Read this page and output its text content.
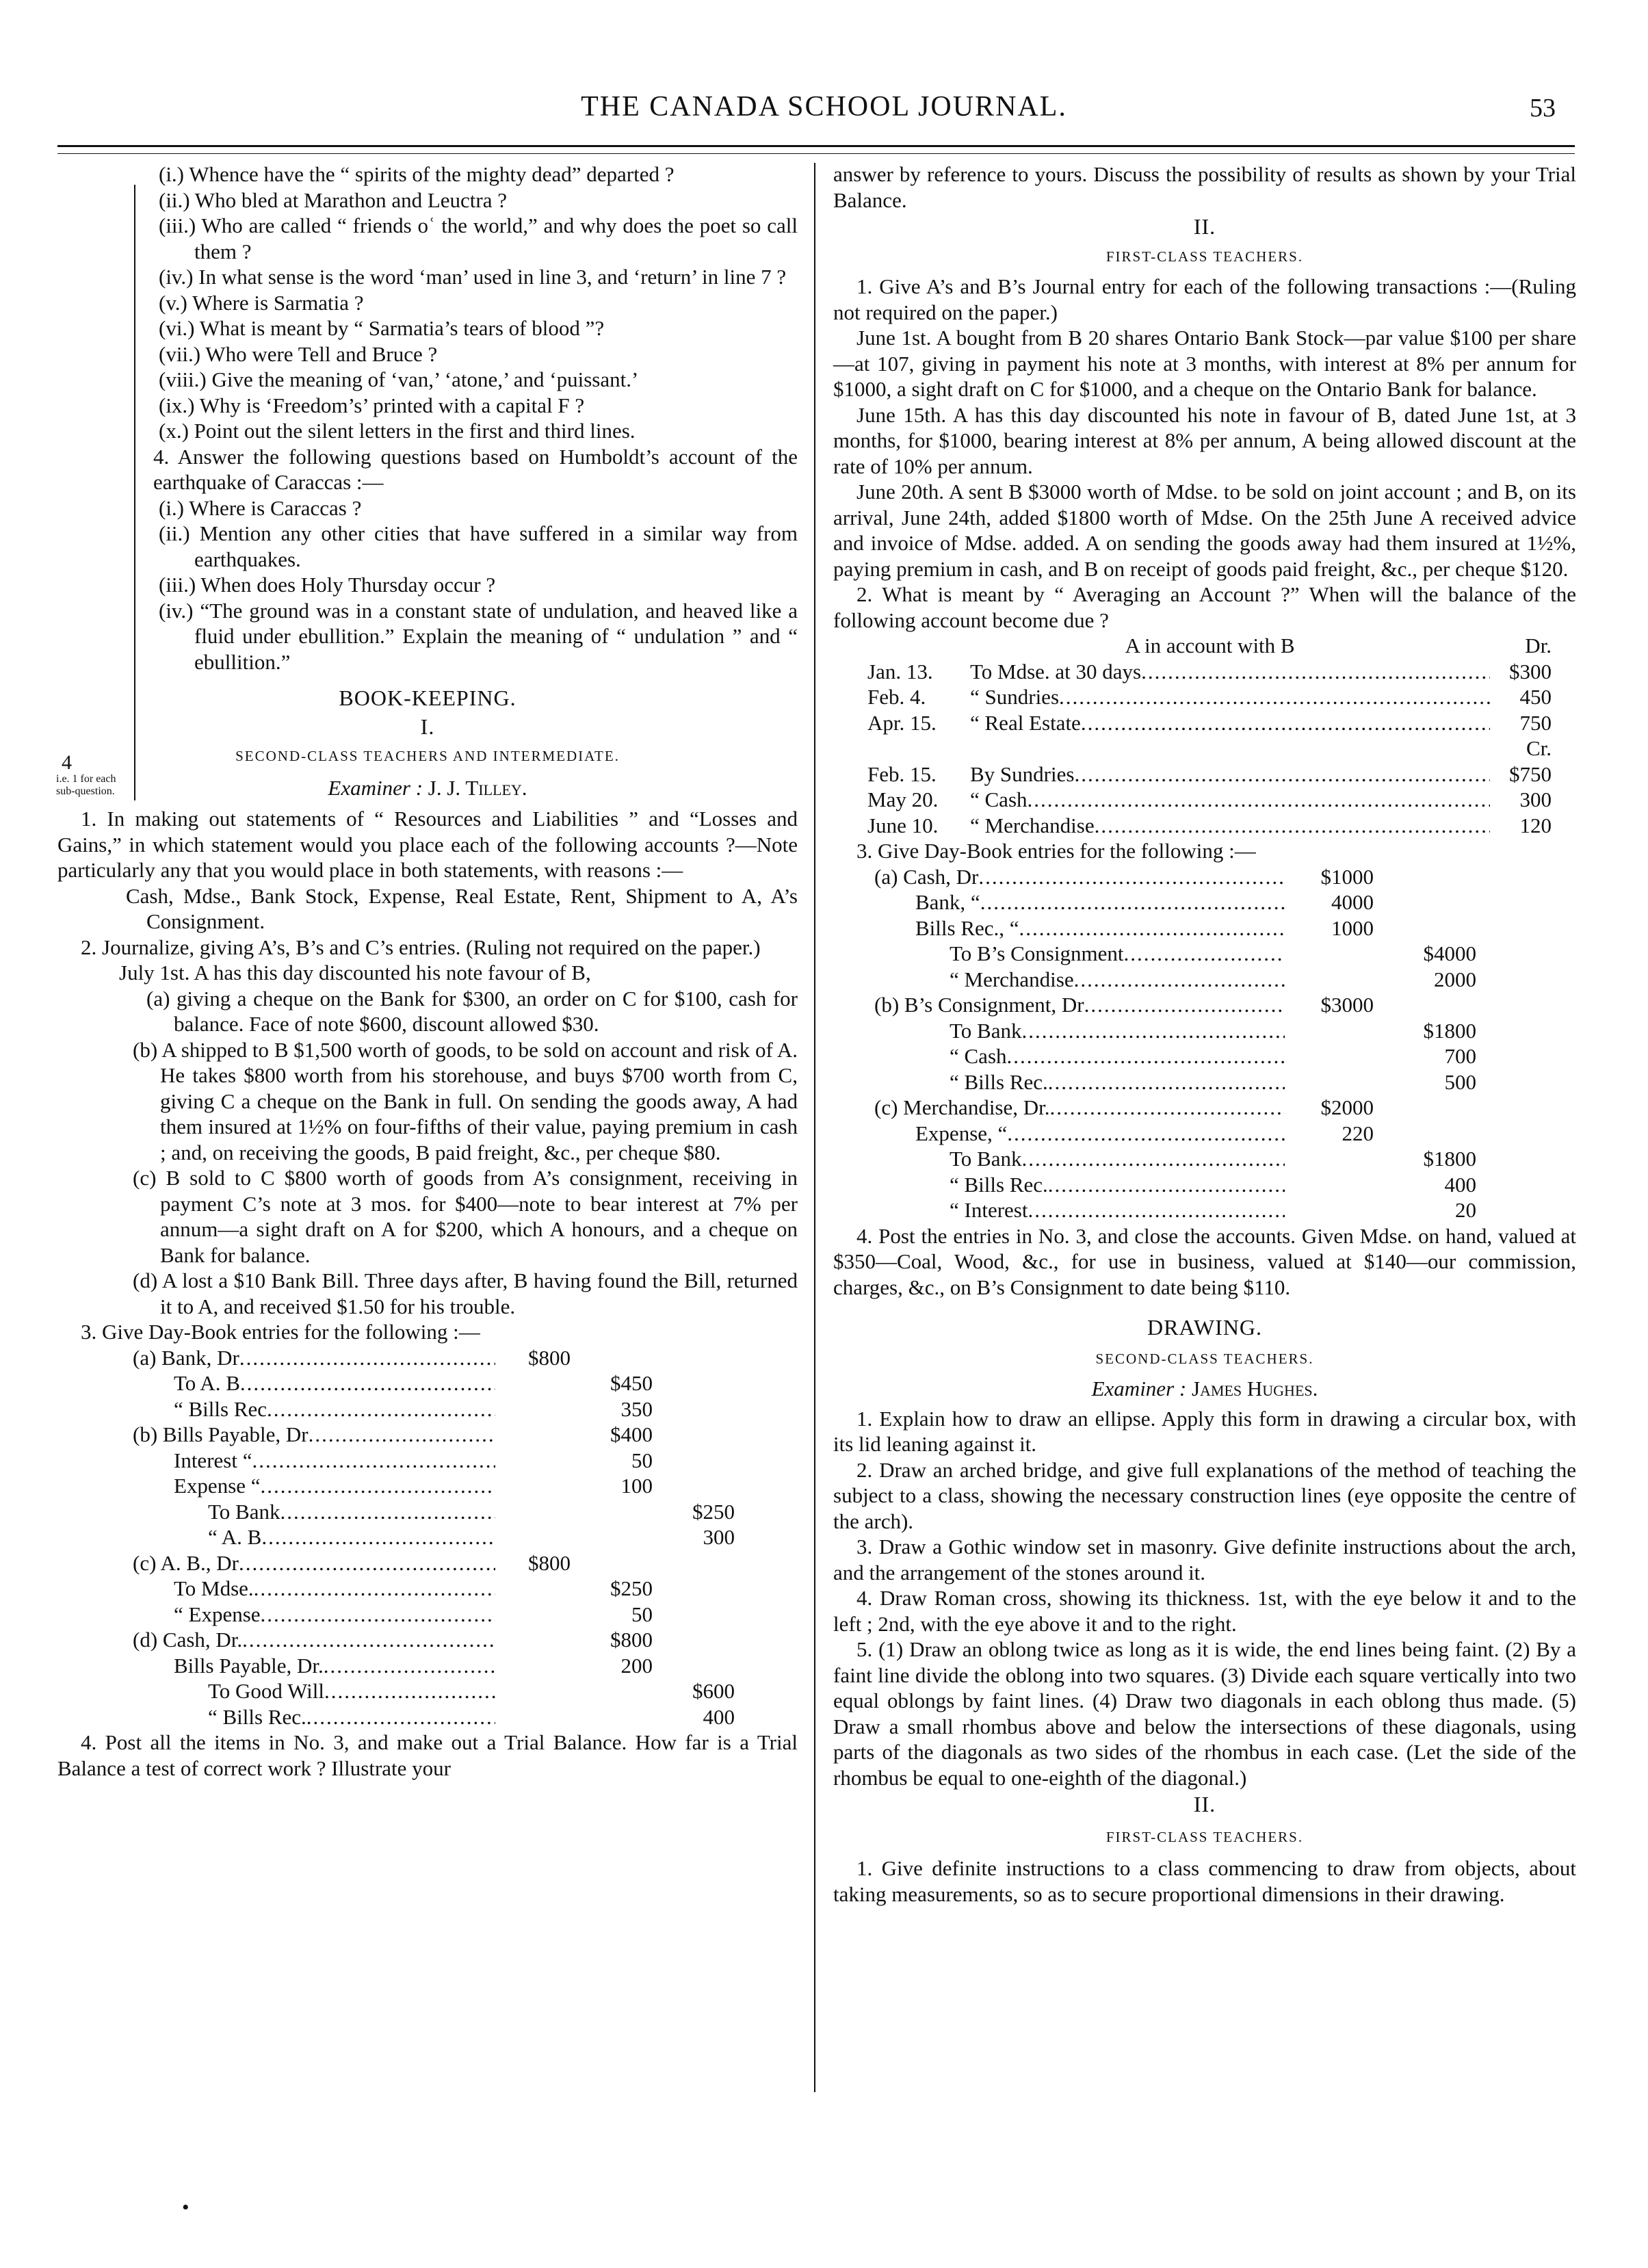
THE CANADA SCHOOL JOURNAL.	53
4
i.e. 1 for each sub-question.

(i.) Whence have the “ spirits of the mighty dead” departed ?

(ii.) Who bled at Marathon and Leuctra ?

(iii.) Who are called “ friends oʿ the world,” and why does the poet so call them ?

(iv.) In what sense is the word ‘man’ used in line 3, and ‘return’ in line 7 ?

(v.) Where is Sarmatia ?

(vi.) What is meant by “ Sarmatia’s tears of blood ”?

(vii.) Who were Tell and Bruce ?

(viii.) Give the meaning of ‘van,’ ‘atone,’ and ‘puissant.’

(ix.) Why is ‘Freedom’s’ printed with a capital F ?

(x.) Point out the silent letters in the first and third lines.

4. Answer the following questions based on Humboldt’s account of the earthquake of Caraccas :—

(i.) Where is Caraccas ?

(ii.) Mention any other cities that have suffered in a similar way from earthquakes.

(iii.) When does Holy Thursday occur ?

(iv.) “The ground was in a constant state of undulation, and heaved like a fluid under ebullition.” Explain the meaning of “ undulation ” and “ ebullition.”

BOOK-KEEPING.

I.

SECOND-CLASS TEACHERS AND INTERMEDIATE.

Examiner : J. J. Tilley.

1. In making out statements of “ Resources and Liabilities ” and “Losses and Gains,” in which statement would you place each of the following accounts ?—Note particularly any that you would place in both statements, with reasons :—

Cash, Mdse., Bank Stock, Expense, Real Estate, Rent, Shipment to A, A’s Consignment.

2. Journalize, giving A’s, B’s and C’s entries. (Ruling not required on the paper.)

July 1st. A has this day discounted his note favour of B,

(a) giving a cheque on the Bank for $300, an order on C for $100, cash for balance. Face of note $600, discount allowed $30.

(b) A shipped to B $1,500 worth of goods, to be sold on account and risk of A. He takes $800 worth from his storehouse, and buys $700 worth from C, giving C a cheque on the Bank in full. On sending the goods away, A had them insured at 1½% on four-fifths of their value, paying premium in cash ; and, on receiving the goods, B paid freight, &c., per cheque $80.

(c) B sold to C $800 worth of goods from A’s consignment, receiving in payment C’s note at 3 mos. for $400—note to bear interest at 7% per annum—a sight draft on A for $200, which A honours, and a cheque on Bank for balance.

(d) A lost a $10 Bank Bill. Three days after, B having found the Bill, returned it to A, and received $1.50 for his trouble.

3. Give Day-Book entries for the following :—

(a) Bank, Dr .....	$800
To A. B .....	$450
“ Bills Rec .....	350
(b) Bills Payable, Dr .....	$400
Interest “ .....	50
Expense “ .....	100
To Bank .....	$250
“ A. B .....	300
(c) A. B., Dr .....	$800
To Mdse. .....	$250
“ Expense .....	50
(d) Cash, Dr. .....	$800
Bills Payable, Dr. .....	200
To Good Will .....	$600
“ Bills Rec. .....	400

4. Post all the items in No. 3, and make out a Trial Balance. How far is a Trial Balance a test of correct work ? Illustrate your

answer by reference to yours. Discuss the possibility of results as shown by your Trial Balance.

II.

FIRST-CLASS TEACHERS.

1. Give A’s and B’s Journal entry for each of the following transactions :—(Ruling not required on the paper.)

June 1st. A bought from B 20 shares Ontario Bank Stock—par value $100 per share—at 107, giving in payment his note at 3 months, with interest at 8% per annum for $1000, a sight draft on C for $1000, and a cheque on the Ontario Bank for balance.

June 15th. A has this day discounted his note in favour of B, dated June 1st, at 3 months, for $1000, bearing interest at 8% per annum, A being allowed discount at the rate of 10% per annum.

June 20th. A sent B $3000 worth of Mdse. to be sold on joint account ; and B, on its arrival, June 24th, added $1800 worth of Mdse. On the 25th June A received advice and invoice of Mdse. added. A on sending the goods away had them insured at 1½%, paying premium in cash, and B on receipt of goods paid freight, &c., per cheque $120.

2. What is meant by “ Averaging an Account ?” When will the balance of the following account become due ?

A in account with B	Dr.
Jan. 13.	To Mdse. at 30 days .....	$300
Feb. 4.	“ Sundries .....	450
Apr. 15.	“ Real Estate .....	750
Cr.
Feb. 15.	By Sundries .....	$750
May 20.	“ Cash .....	300
June 10.	“ Merchandise .....	120

3. Give Day-Book entries for the following :—

(a) Cash, Dr .....	$1000
Bank, “ .....	4000
Bills Rec., “ .....	1000
To B’s Consignment .....	$4000
“ Merchandise .....	2000
(b) B’s Consignment, Dr .....	$3000
To Bank .....	$1800
“ Cash .....	700
“ Bills Rec. .....	500
(c) Merchandise, Dr. .....	$2000
Expense, “ .....	220
To Bank .....	$1800
“ Bills Rec. .....	400
“ Interest .....	20

4. Post the entries in No. 3, and close the accounts. Given Mdse. on hand, valued at $350—Coal, Wood, &c., for use in business, valued at $140—our commission, charges, &c., on B’s Consignment to date being $110.

DRAWING.

SECOND-CLASS TEACHERS.

Examiner : James Hughes.

1. Explain how to draw an ellipse. Apply this form in drawing a circular box, with its lid leaning against it.

2. Draw an arched bridge, and give full explanations of the method of teaching the subject to a class, showing the necessary construction lines (eye opposite the centre of the arch).

3. Draw a Gothic window set in masonry. Give definite instructions about the arch, and the arrangement of the stones around it.

4. Draw Roman cross, showing its thickness. 1st, with the eye below it and to the left ; 2nd, with the eye above it and to the right.

5. (1) Draw an oblong twice as long as it is wide, the end lines being faint. (2) By a faint line divide the oblong into two squares. (3) Divide each square vertically into two equal oblongs by faint lines. (4) Draw two diagonals in each oblong thus made. (5) Draw a small rhombus above and below the intersections of these diagonals, using parts of the diagonals as two sides of the rhombus in each case. (Let the side of the rhombus be equal to one-eighth of the diagonal.)

II.

FIRST-CLASS TEACHERS.

1. Give definite instructions to a class commencing to draw from objects, about taking measurements, so as to secure proportional dimensions in their drawing.

•
